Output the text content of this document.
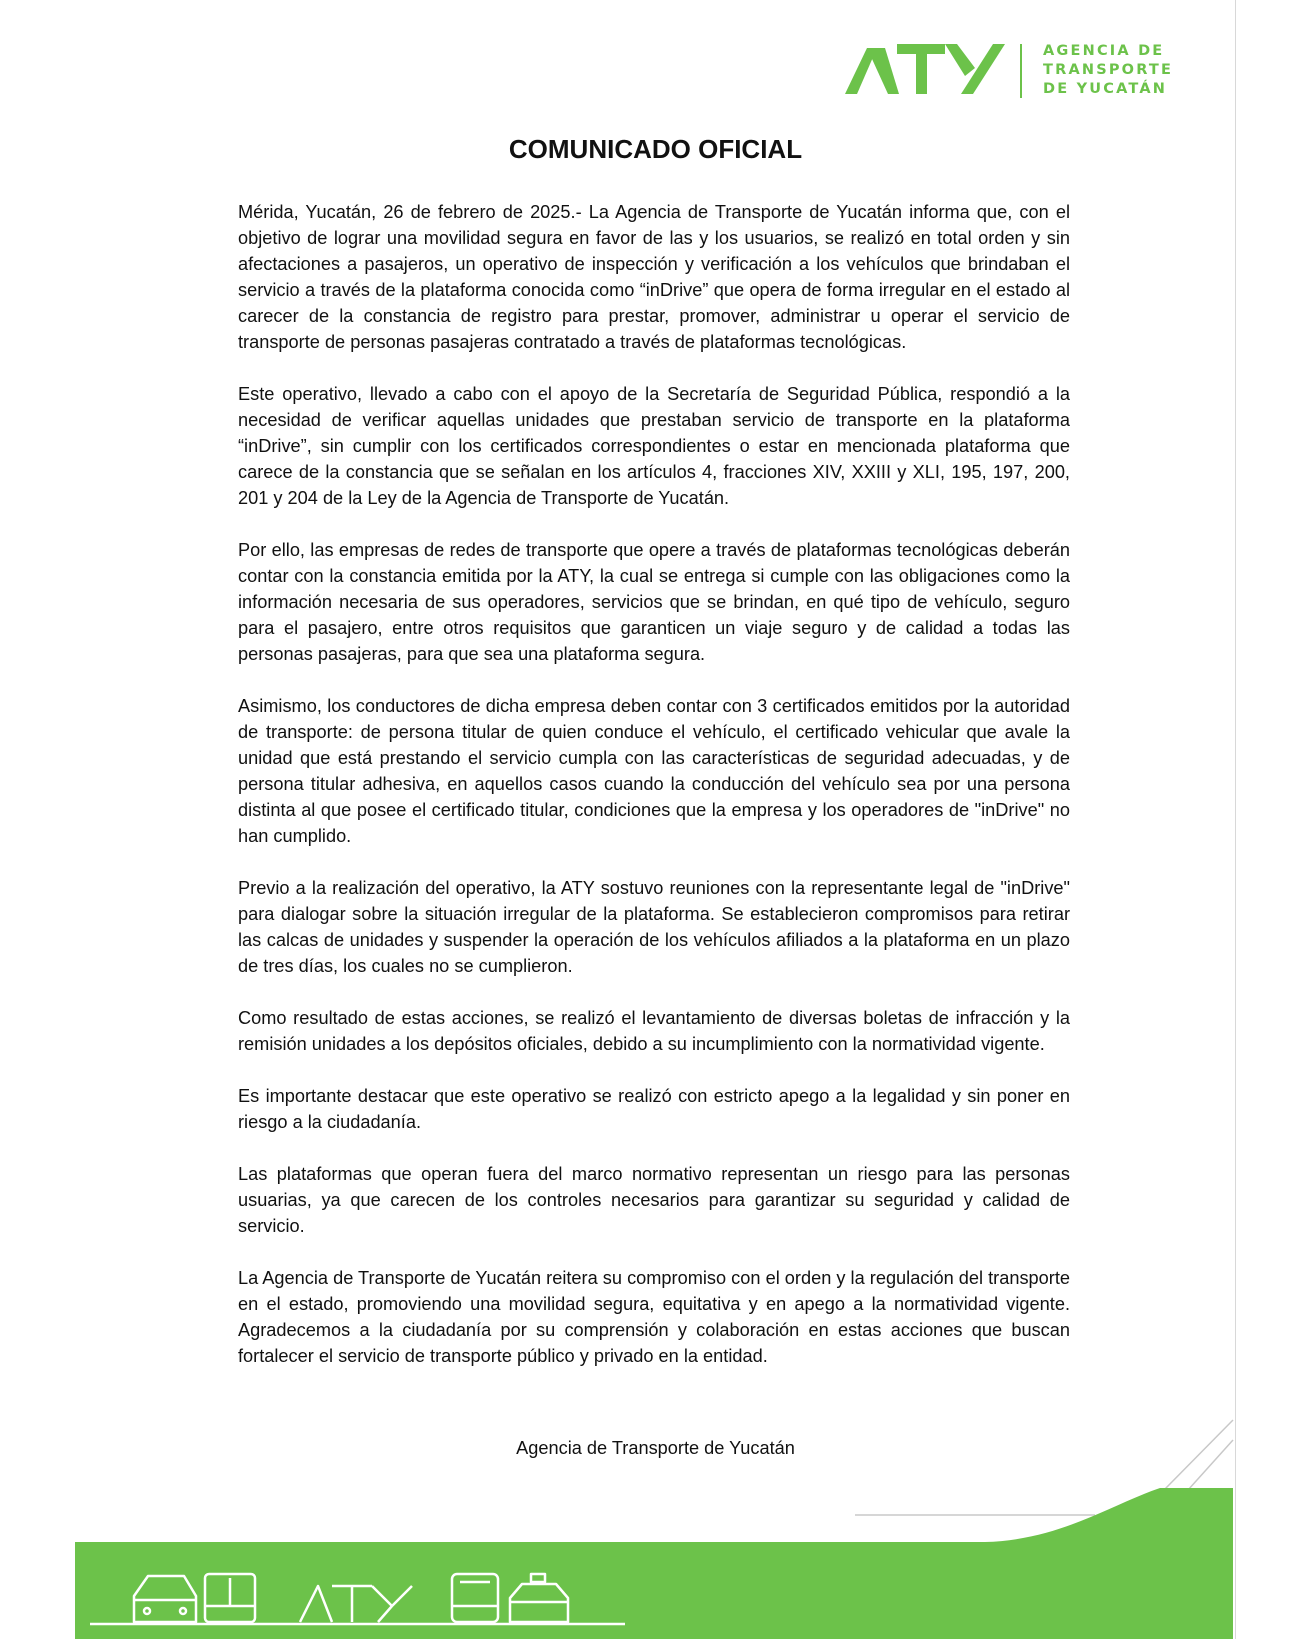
AGENCIA DE
TRANSPORTE
DE YUCATÁN
COMUNICADO OFICIAL

Mérida, Yucatán, 26 de febrero de 2025.- La Agencia de Transporte de Yucatán informa que, con el objetivo de lograr una movilidad segura en favor de las y los usuarios, se realizó en total orden y sin afectaciones a pasajeros, un operativo de inspección y verificación a los vehículos que brindaban el servicio a través de la plataforma conocida como “inDrive” que opera de forma irregular en el estado al carecer de la constancia de registro para prestar, promover, administrar u operar el servicio de transporte de personas pasajeras contratado a través de plataformas tecnológicas.

Este operativo, llevado a cabo con el apoyo de la Secretaría de Seguridad Pública, respondió a la necesidad de verificar aquellas unidades que prestaban servicio de transporte en la plataforma “inDrive”, sin cumplir con los certificados correspondientes o estar en mencionada plataforma que carece de la constancia que se señalan en los artículos 4, fracciones XIV, XXIII y XLI, 195, 197, 200, 201 y 204 de la Ley de la Agencia de Transporte de Yucatán.

Por ello, las empresas de redes de transporte que opere a través de plataformas tecnológicas deberán contar con la constancia emitida por la ATY, la cual se entrega si cumple con las obligaciones como la información necesaria de sus operadores, servicios que se brindan, en qué tipo de vehículo, seguro para el pasajero, entre otros requisitos que garanticen un viaje seguro y de calidad a todas las personas pasajeras, para que sea una plataforma segura.

Asimismo, los conductores de dicha empresa deben contar con 3 certificados emitidos por la autoridad de transporte: de persona titular de quien conduce el vehículo, el certificado vehicular que avale la unidad que está prestando el servicio cumpla con las características de seguridad adecuadas, y de persona titular adhesiva, en aquellos casos cuando la conducción del vehículo sea por una persona distinta al que posee el certificado titular, condiciones que la empresa y los operadores de "inDrive" no han cumplido.

Previo a la realización del operativo, la ATY sostuvo reuniones con la representante legal de "inDrive" para dialogar sobre la situación irregular de la plataforma. Se establecieron compromisos para retirar las calcas de unidades y suspender la operación de los vehículos afiliados a la plataforma en un plazo de tres días, los cuales no se cumplieron.

Como resultado de estas acciones, se realizó el levantamiento de diversas boletas de infracción y la remisión unidades a los depósitos oficiales, debido a su incumplimiento con la normatividad vigente.

Es importante destacar que este operativo se realizó con estricto apego a la legalidad y sin poner en riesgo a la ciudadanía.

Las plataformas que operan fuera del marco normativo representan un riesgo para las personas usuarias, ya que carecen de los controles necesarios para garantizar su seguridad y calidad de servicio.

La Agencia de Transporte de Yucatán reitera su compromiso con el orden y la regulación del transporte en el estado, promoviendo una movilidad segura, equitativa y en apego a la normatividad vigente. Agradecemos a la ciudadanía por su comprensión y colaboración en estas acciones que buscan fortalecer el servicio de transporte público y privado en la entidad.

Agencia de Transporte de Yucatán
